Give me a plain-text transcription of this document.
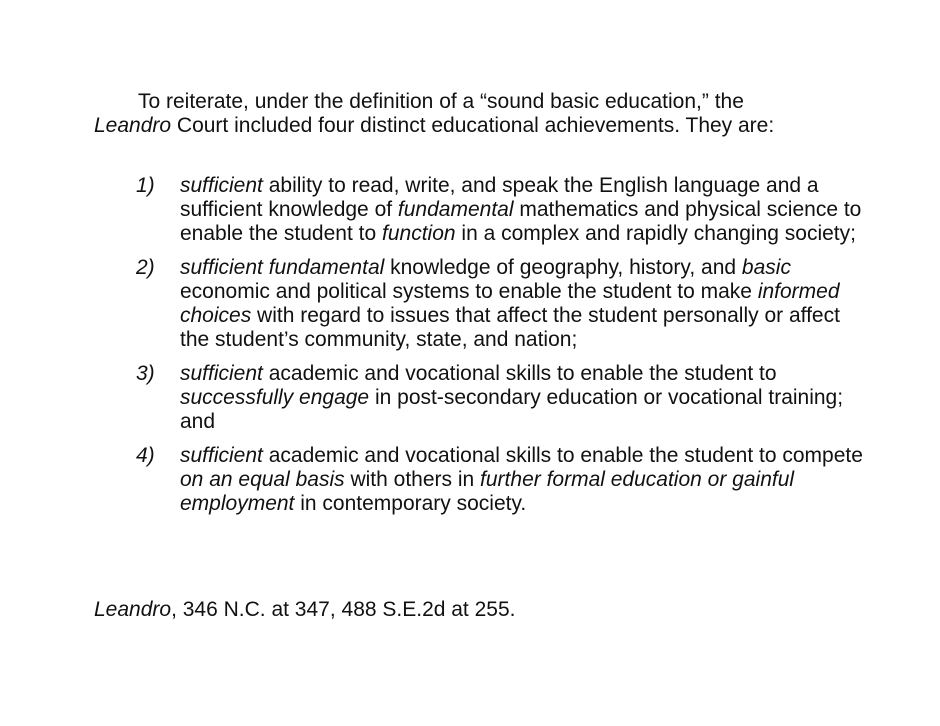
To reiterate, under the definition of a “sound basic education,” the
Leandro Court included four distinct educational achievements. They are:

1) sufficient ability to read, write, and speak the English language and a sufficient knowledge of fundamental mathematics and physical science to enable the student to function in a complex and rapidly changing society;
2) sufficient fundamental knowledge of geography, history, and basic economic and political systems to enable the student to make informed choices with regard to issues that affect the student personally or affect the student’s community, state, and nation;
3) sufficient academic and vocational skills to enable the student to successfully engage in post-secondary education or vocational training; and
4) sufficient academic and vocational skills to enable the student to compete on an equal basis with others in further formal education or gainful employment in contemporary society.

Leandro, 346 N.C. at 347, 488 S.E.2d at 255.
